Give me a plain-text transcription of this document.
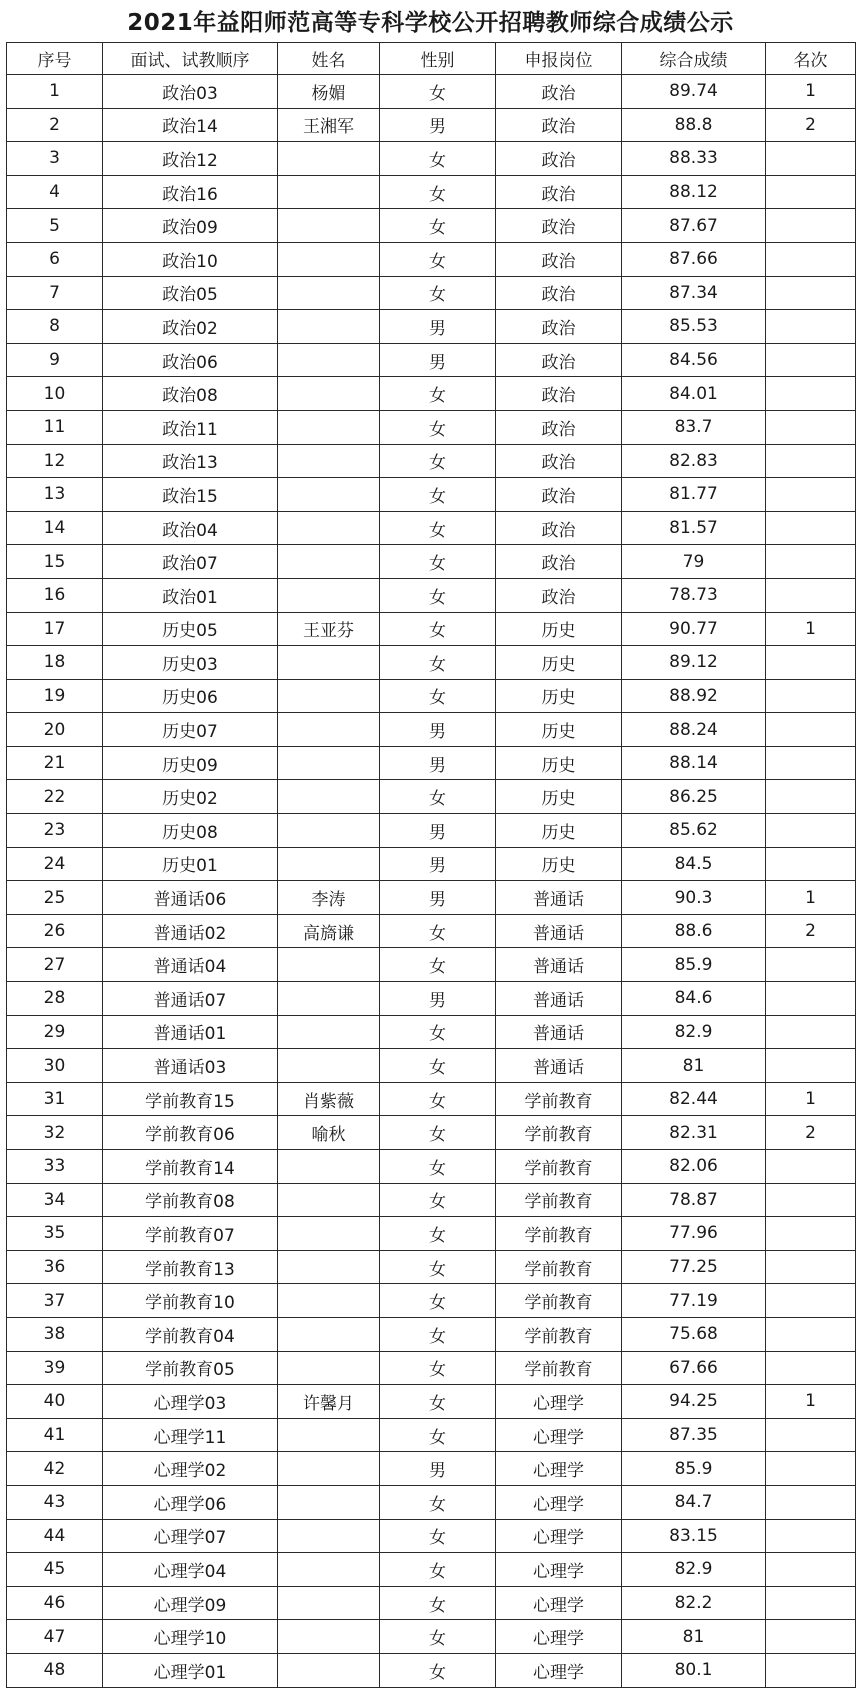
2021年益阳师范高等专科学校公开招聘教师综合成绩公示
序号	面试、试教顺序	姓名	性别	申报岗位	综合成绩	名次
1	政治03	杨媚	女	政治	89.74	1
2	政治14	王湘军	男	政治	88.8	2
3	政治12		女	政治	88.33	
4	政治16		女	政治	88.12	
5	政治09		女	政治	87.67	
6	政治10		女	政治	87.66	
7	政治05		女	政治	87.34	
8	政治02		男	政治	85.53	
9	政治06		男	政治	84.56	
10	政治08		女	政治	84.01	
11	政治11		女	政治	83.7	
12	政治13		女	政治	82.83	
13	政治15		女	政治	81.77	
14	政治04		女	政治	81.57	
15	政治07		女	政治	79	
16	政治01		女	政治	78.73	
17	历史05	王亚芬	女	历史	90.77	1
18	历史03		女	历史	89.12	
19	历史06		女	历史	88.92	
20	历史07		男	历史	88.24	
21	历史09		男	历史	88.14	
22	历史02		女	历史	86.25	
23	历史08		男	历史	85.62	
24	历史01		男	历史	84.5	
25	普通话06	李涛	男	普通话	90.3	1
26	普通话02	高旖谦	女	普通话	88.6	2
27	普通话04		女	普通话	85.9	
28	普通话07		男	普通话	84.6	
29	普通话01		女	普通话	82.9	
30	普通话03		女	普通话	81	
31	学前教育15	肖紫薇	女	学前教育	82.44	1
32	学前教育06	喻秋	女	学前教育	82.31	2
33	学前教育14		女	学前教育	82.06	
34	学前教育08		女	学前教育	78.87	
35	学前教育07		女	学前教育	77.96	
36	学前教育13		女	学前教育	77.25	
37	学前教育10		女	学前教育	77.19	
38	学前教育04		女	学前教育	75.68	
39	学前教育05		女	学前教育	67.66	
40	心理学03	许馨月	女	心理学	94.25	1
41	心理学11		女	心理学	87.35	
42	心理学02		男	心理学	85.9	
43	心理学06		女	心理学	84.7	
44	心理学07		女	心理学	83.15	
45	心理学04		女	心理学	82.9	
46	心理学09		女	心理学	82.2	
47	心理学10		女	心理学	81	
48	心理学01		女	心理学	80.1	
